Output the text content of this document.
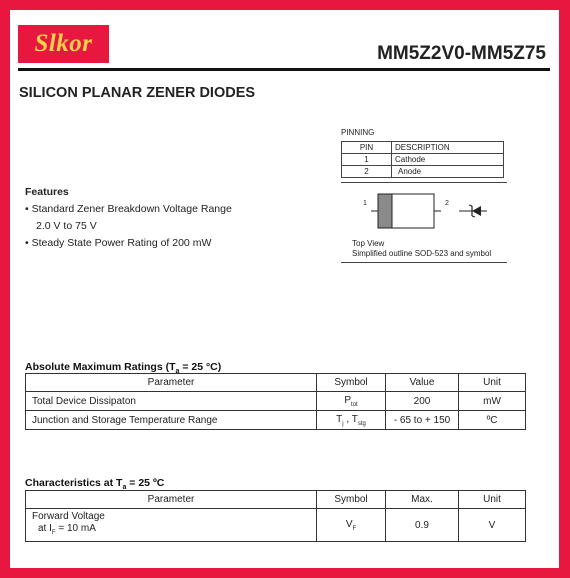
Slkor	MM5Z2V0-MM5Z75
SILICON PLANAR ZENER DIODES
PINNING
PIN	DESCRIPTION
1	Cathode
2	Anode
1	2
Top View
Simplified outline SOD-523 and symbol
Features
• Standard Zener Breakdown Voltage Range
2.0 V to 75 V
• Steady State Power Rating of 200 mW
Absolute Maximum Ratings ($T_a = 25$ °C)
Parameter	Symbol	Value	Unit
Total Device Dissipaton	$P_{tot}$	200	mW
Junction and Storage Temperature Range	$T_j$ , $T_{stg}$	- 65 to + 150	ºC
Characteristics at $T_a = 25$ ºC
Parameter	Symbol	Max.	Unit

Forward Voltage
at $I_F = 10$ mA	$V_F$	0.9	V
